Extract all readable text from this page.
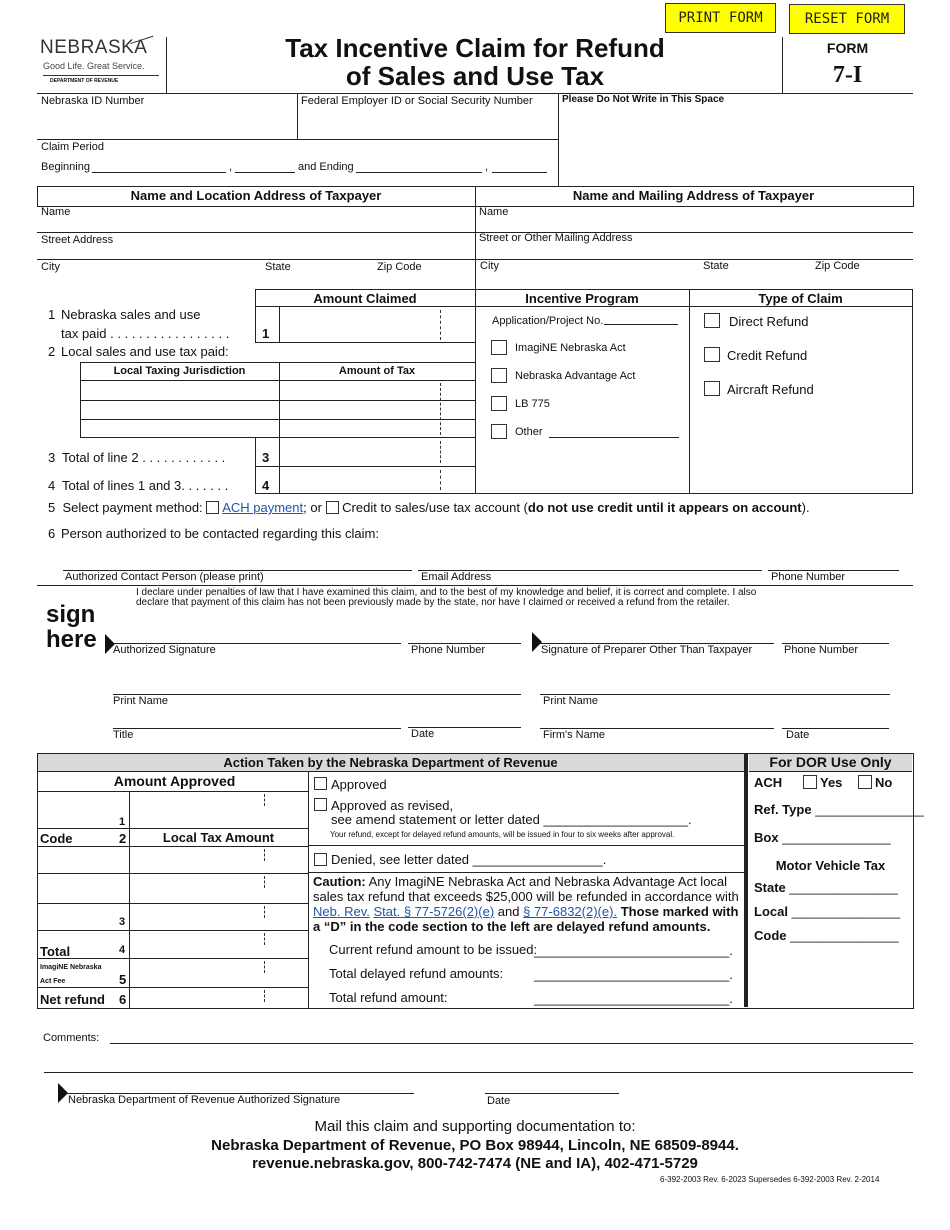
PRINT FORM	RESET FORM
NEBRASKA
Good Life. Great Service.
DEPARTMENT OF REVENUE
Tax Incentive Claim for Refund
of Sales and Use Tax
FORM
7-I
Nebraska ID Number	Federal Employer ID or Social Security Number	Please Do Not Write in This Space
Claim Period
Beginning	,	and Ending	,
Name and Location Address of Taxpayer	Name and Mailing Address of Taxpayer
Name	Name
Street Address	Street or Other Mailing Address
City	State	Zip Code	City	State	Zip Code
Amount Claimed	Incentive Program	Type of Claim
1 Nebraska sales and use
tax paid . . . . . . . . . . . . . . . . .	1
2 Local sales and use tax paid:
Local Taxing Jurisdiction	Amount of Tax
3 Total of line 2 . . . . . . . . . . . .	3
4 Total of lines 1 and 3. . . . . . .	4
Application/Project No.
ImagiNE Nebraska Act
Nebraska Advantage Act
LB 775
Other
Direct Refund
Credit Refund
Aircraft Refund
5 Select payment method: ACH payment; or Credit to sales/use tax account (do not use credit until it appears on account).
6 Person authorized to be contacted regarding this claim:
Authorized Contact Person (please print)	Email Address	Phone Number
I declare under penalties of law that I have examined this claim, and to the best of my knowledge and belief, it is correct and complete. I also
declare that payment of this claim has not been previously made by the state, nor have I claimed or received a refund from the retailer.
sign
here Authorized Signature	Phone Number	Signature of Preparer Other Than Taxpayer	Phone Number
Print Name	Print Name
Title	Date	Firm's Name	Date
Action Taken by the Nebraska Department of Revenue	For DOR Use Only
Amount Approved
1
Code	2	Local Tax Amount
3
Total	4
ImagiNE Nebraska
Act Fee	5
Net refund 6
Approved
Approved as revised,
see amend statement or letter dated ____________________.
Your refund, except for delayed refund amounts, will be issued in four to six weeks after approval.
Denied, see letter dated __________________.
Caution: Any ImagiNE Nebraska Act and Nebraska Advantage Act local sales tax refund that exceeds $25,000 will be refunded in accordance with Neb. Rev. Stat. § 77-5726(2)(e) and § 77-6832(2)(e). Those marked with a “D” in the code section to the left are delayed refund amounts.
Current refund amount to be issued:
___________________________.
Total delayed refund amounts: ___________________________.
Total refund amount:	___________________________.
ACH	Yes	No
Ref. Type _______________
Box _______________
Motor Vehicle Tax
State _______________
Local _______________
Code _______________
Comments:
Nebraska Department of Revenue Authorized Signature	Date
Mail this claim and supporting documentation to:
Nebraska Department of Revenue, PO Box 98944, Lincoln, NE 68509-8944.
revenue.nebraska.gov, 800-742-7474 (NE and IA), 402-471-5729
6-392-2003 Rev. 6-2023 Supersedes 6-392-2003 Rev. 2-2014
